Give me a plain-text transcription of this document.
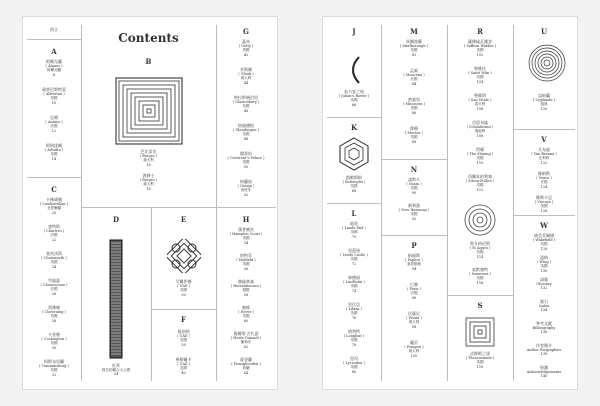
前言
Contents
A
B
巴比雷克
( Borges )
義大利
16
波赫士
( Borges )
義大利
18
C
D
杜拜
阿拉伯聯合大公國
34
E
艾爾伊德
( UAE )
英國
36
F
G
H
阿爾戈蘭
( Algues )
阿爾戈蘭
8
奧普尼斯特萊
( Alfreston )
英國
10
亞頓
( Antaos )
法國
12
阿明達爾
( Arbutta )
英國
14
卡佛威爾
( Cawkswellan )
北愛爾蘭
20
查特斯
( Chartres )
法國
22
查茨沃斯
( Chatsworth )
英國
24
雪倫瑟
( Chenonceau )
法國
26
雷佛頓
( Chevening )
英國
28
卡金頓
( Cockington )
英國
30
柯斯布里蘭
( Comminsburg )
英國
32
福伯納
( UAE )
英國
38
弗勒爾卡
( UAE )
英國
40
蓋帝
( Getty )
美國
42
芳斯爾
( Glouk )
義大利
44
格拉斯頓伯里
( Glastonbury )
英國
46
格倫德根
( Glendurgan )
英國
48
總督府
( Governor's Palace )
美國
50
格蘭加
( Granja )
西班牙
52
漢普頓宮
( Hampton Court )
英國
54
哈特菲
( Hatfield )
英國
56
赫倫豪森
( Herrenhausen )
德國
58
赫維
( Hever )
英國
60
奧爾塔·古扎諾
( Horta-Guiandi )
葡萄牙
62
霍登蘭
( Hoasghouden )
荷蘭
64
J
朱力安之屋
( Julian's Bower )
英國
66
K
凱勒斯帕
( Kelersplei )
英國
68
L
M
N
P
R
S
忒修斯之迷
( Theseusmaze )
英國
118
U
烏帕蘭
( Upplanda )
瑞典
120
V
W
地角
( Lands End )
英國
70
里茲堡
( Leeds Castle )
英國
72
林德福
( Lindholm )
英國
74
里比亞
( Libiaa )
英國
76
朗利特
( Longleat )
英國
78
里昂
( Lycsoden )
英國
80
馬爾波羅
( Marlborough )
英國
82
孟索
( Monceau )
法國
84
密索里
( Missisera )
美國
86
摩頓
( Morton )
英國
88
諾斯卡
( Nasm )
英國
90
新和諧
( New Harmony )
美國
92
帕福斯
( Paphos )
塞普勒斯
94
巴黎
( Paris )
法國
96
比薩尼
( Pisani )
義大利
98
龐貝
( Pompeii )
義大利
100
薩佛倫瓦爾登
( Saffron Walden )
英國
102
聖維托
( Saint Wiin )
英國
104
聖維塔
( San Vitale )
義大利
106
肖恩布倫
( Schönbrunn )
奧地利
108
閃耀
( The Shining )
美國
110
西爾本珀利塞
( Silson-Pollice )
英國
112
聖艾格尼斯
( St Agnes )
英國
114
索默塞特
( Somerset )
英國
116
凡布倫
( Van Brauna )
比利時
122
維納斯
( Venus )
法國
124
維斯卡亞
( Vizcaya )
美國
126
威克菲爾德
( Wakefield )
英國
128
溫格
( Wing )
英國
130
詞彙
Glossary
132
索引
Index
134
參考文獻
Bibliography
136
作者簡介
Author Biographies
138
致謝
Acknowledgements
140
